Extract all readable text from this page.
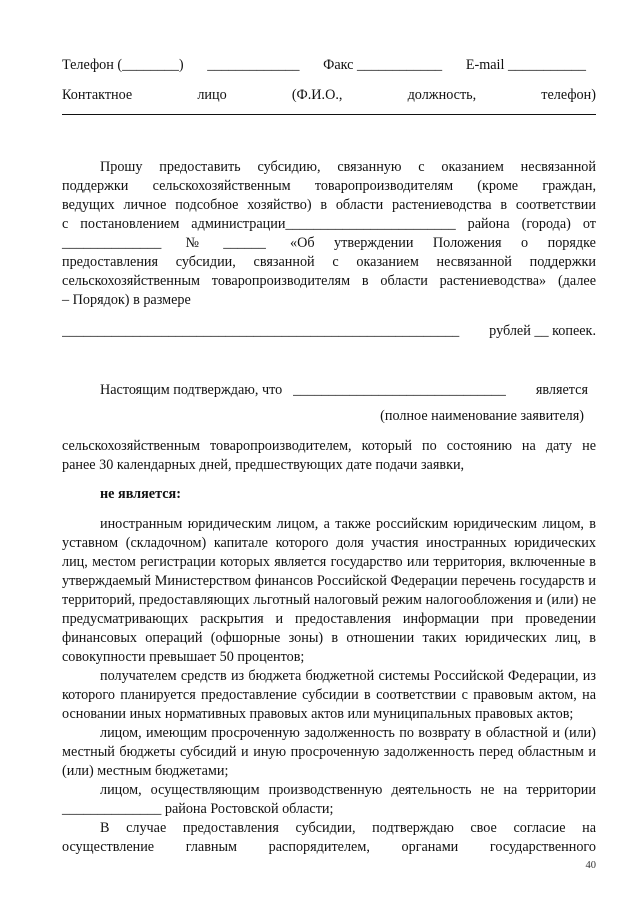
Телефон (________) _____________ Факс ____________ E-mail ___________
Контактное	лицо	(Ф.И.О.,	должность,	телефон)

Прошу предоставить субсидию, связанную с оказанием несвязанной

поддержки сельскохозяйственным товаропроизводителям (кроме граждан,

ведущих личное подсобное хозяйство) в области растениеводства в соответствии

с постановлением администрации________________________ района (города) от

______________ № ______ «Об утверждении Положения о порядке

предоставления субсидии, связанной с оказанием несвязанной поддержки

сельскохозяйственным товаропроизводителям в области растениеводства» (далее

– Порядок) в размере

________________________________________________________	рублей __ копеек.
Настоящим подтверждаю, что ______________________________	является
(полное наименование заявителя)

сельскохозяйственным товаропроизводителем, который по состоянию на дату не

ранее 30 календарных дней, предшествующих дате подачи заявки,

не является:

иностранным юридическим лицом, а также российским юридическим лицом, в уставном (складочном) капитале которого доля участия иностранных юридических лиц, местом регистрации которых является государство или территория, включенные в утверждаемый Министерством финансов Российской Федерации перечень государств и территорий, предоставляющих льготный налоговый режим налогообложения и (или) не предусматривающих раскрытия и предоставления информации при проведении финансовых операций (офшорные зоны) в отношении таких юридических лиц, в совокупности превышает 50 процентов;

получателем средств из бюджета бюджетной системы Российской Федерации, из которого планируется предоставление субсидии в соответствии с правовым актом, на основании иных нормативных правовых актов или муниципальных правовых актов;

лицом, имеющим просроченную задолженность по возврату в областной и (или) местный бюджеты субсидий и иную просроченную задолженность перед областным и (или) местным бюджетами;

лицом, осуществляющим производственную деятельность не на территории

______________ района Ростовской области;

В случае предоставления субсидии, подтверждаю свое согласие на

осуществление главным распорядителем, органами государственного

40
